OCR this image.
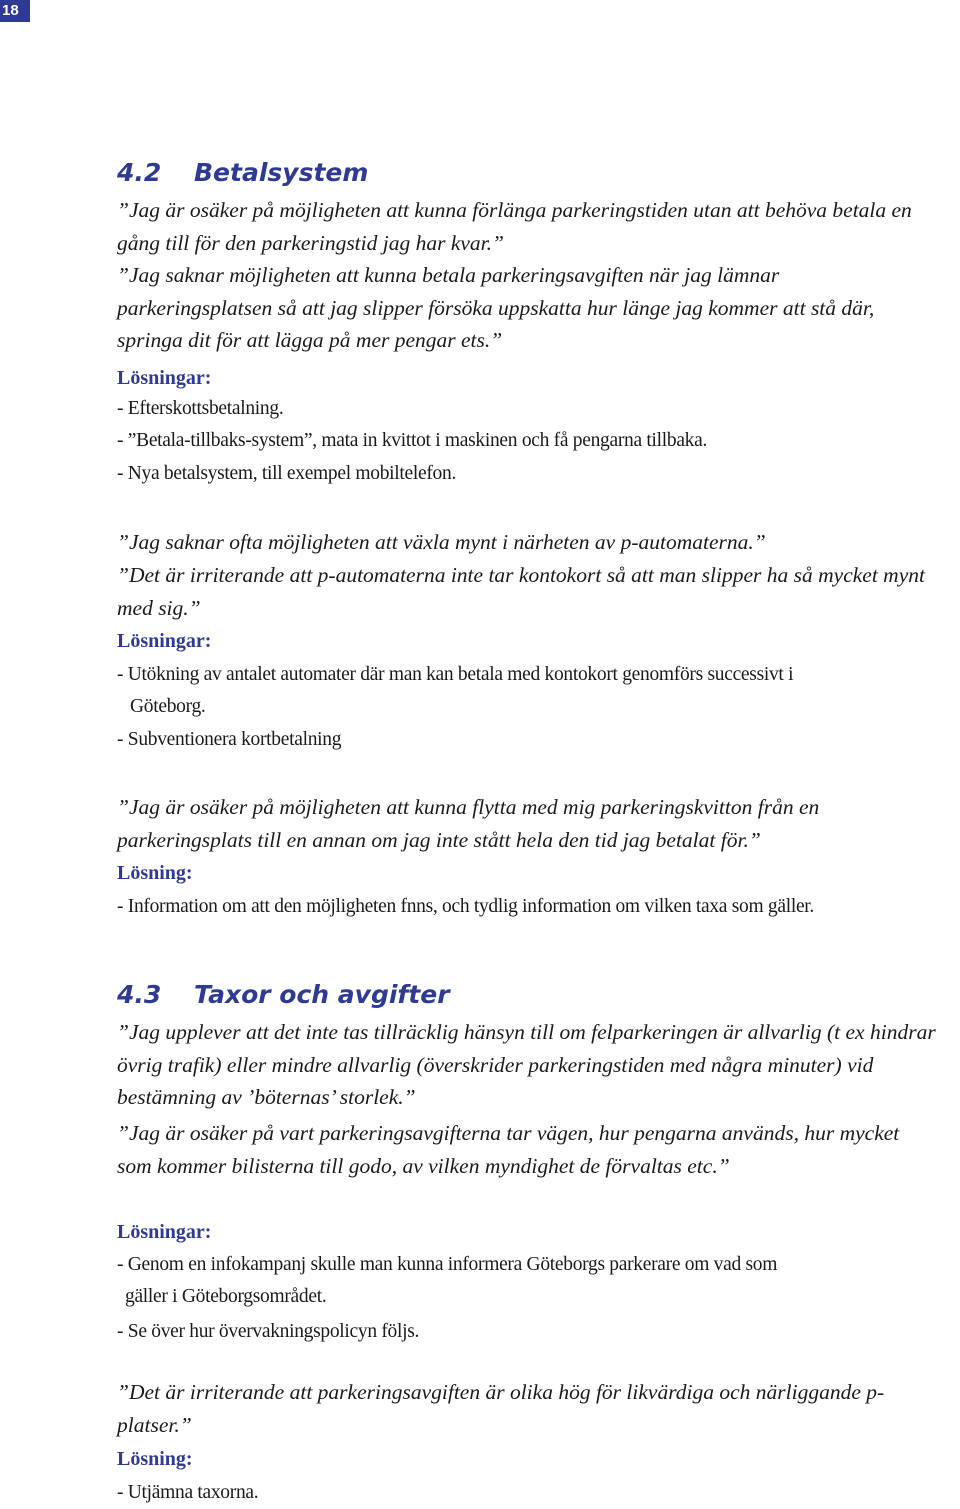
18
4.2 Betalsystem

”Jag är osäker på möjligheten att kunna förlänga parkeringstiden utan att behöva betala en gång till för den parkeringstid jag har kvar.”

”Jag saknar möjligheten att kunna betala parkeringsavgiften när jag lämnar parkeringsplatsen så att jag slipper försöka uppskatta hur länge jag kommer att stå där, springa dit för att lägga på mer pengar ets.”

Lösningar:
- Efterskottsbetalning.
- ”Betala-tillbaks-system”, mata in kvittot i maskinen och få pengarna tillbaka.
- Nya betalsystem, till exempel mobiltelefon.

”Jag saknar ofta möjligheten att växla mynt i närheten av p-automaterna.”

”Det är irriterande att p-automaterna inte tar kontokort så att man slipper ha så mycket mynt med sig.”

Lösningar:
- Utökning av antalet automater där man kan betala med kontokort genomförs successivt i
Göteborg.
- Subventionera kortbetalning

”Jag är osäker på möjligheten att kunna flytta med mig parkeringskvitton från en parkeringsplats till en annan om jag inte stått hela den tid jag betalat för.”

Lösning:
- Information om att den möjligheten fnns, och tydlig information om vilken taxa som gäller.
4.3 Taxor och avgifter

”Jag upplever att det inte tas tillräcklig hänsyn till om felparkeringen är allvarlig (t ex hindrar övrig trafik) eller mindre allvarlig (överskrider parkeringstiden med några minuter) vid bestämning av ’böternas’ storlek.”

”Jag är osäker på vart parkeringsavgifterna tar vägen, hur pengarna används, hur mycket som kommer bilisterna till godo, av vilken myndighet de förvaltas etc.”

Lösningar:
- Genom en infokampanj skulle man kunna informera Göteborgs parkerare om vad som
gäller i Göteborgsområdet.
- Se över hur övervakningspolicyn följs.

”Det är irriterande att parkeringsavgiften är olika hög för likvärdiga och närliggande p-platser.”

Lösning:
- Utjämna taxorna.
